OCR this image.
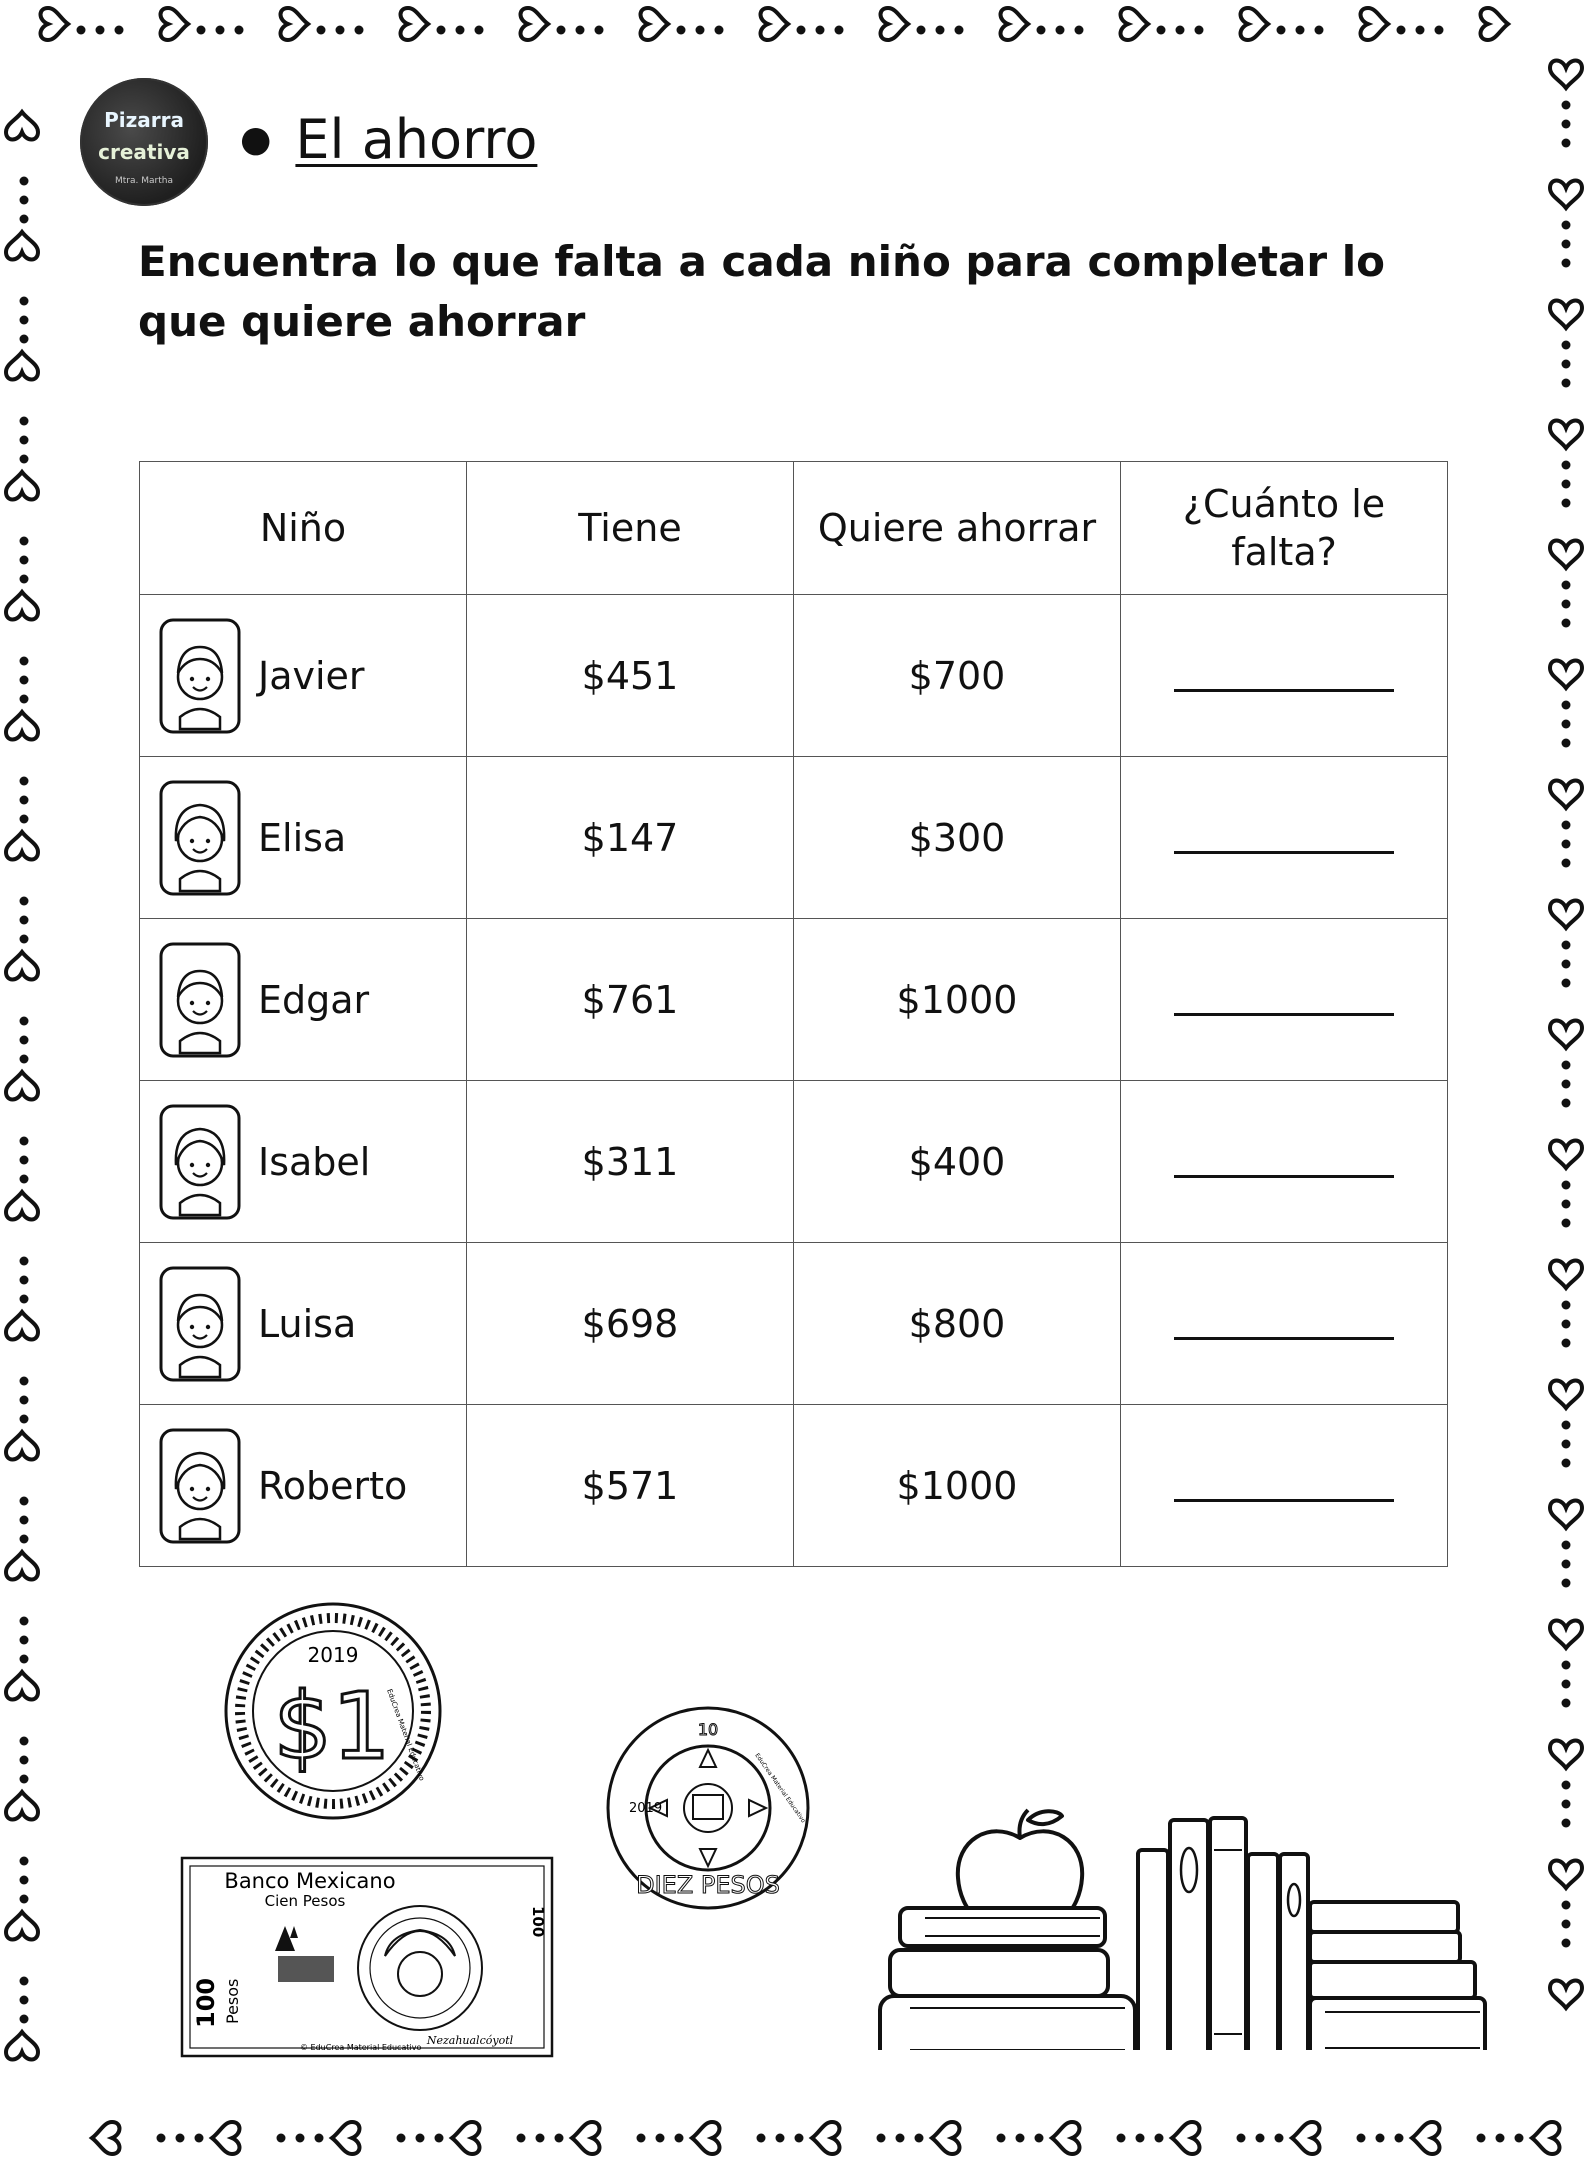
Pizarra
creativa
Mtra. Martha
● El ahorro
Encuentra lo que falta a cada niño para completar lo que quiere ahorrar
Niño	Tiene	Quiere ahorrar	¿Cuánto le falta?

Javier	$451	$700	

Elisa	$147	$300	

Edgar	$761	$1000	

Isabel	$311	$400	

Luisa	$698	$800	

Roberto	$571	$1000	
2019
$1
EduCrea Material Educativo	10
2019
DIEZ PESOS
EduCrea Material Educativo
Banco Mexicano
Cien Pesos
100
100 Pesos
© EduCrea Material Educativo
Nezahualcóyotl
